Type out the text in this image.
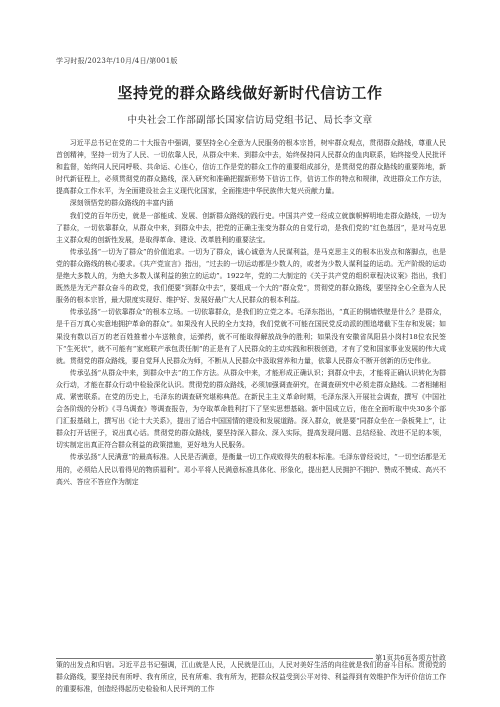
学习时报/2023年/10月/4日/第001版
坚持党的群众路线做好新时代信访工作
中央社会工作部副部长国家信访局党组书记、局长李文章

习近平总书记在党的二十大报告中强调，要坚持全心全意为人民服务的根本宗旨，树牢群众观点，贯彻群众路线，尊重人民首创精神，坚持一切为了人民、一切依靠人民，从群众中来、到群众中去，始终保持同人民群众的血肉联系，始终接受人民批评和监督，始终同人民同呼吸、共命运、心连心，信访工作是党的群众工作的重要组成部分，是贯彻党的群众路线的重要阵地，新时代新征程上，必须贯彻党的群众路线，深入研究和准确把握新形势下信访工作，信访工作的特点和规律，改进群众工作方法，提高群众工作水平，为全面建设社会主义现代化国家，全面推进中华民族伟大复兴贡献力量。

深刻领悟党的群众路线的丰富内涵

我们党的百年历史，就是一部能成、发展、创新群众路线的践行史。中国共产党一经成立就旗帜鲜明地走群众路线，一切为了群众，一切依靠群众，从群众中来，到群众中去，把党的正确主张变为群众的自觉行动，是我们党的“红色基因”，是对马克思主义群众观的创新性发展，是取得革命、建设、改革胜利的重要法宝。

传承弘扬“一切为了群众”的价值追求。一切为了群众，诚心诚意为人民谋利益，是马克思主义的根本出发点和落脚点，也是党的群众路线的核心要求。《共产党宣言》指出，“过去的一切运动都是少数人的，或者为少数人谋利益的运动。无产阶级的运动是绝大多数人的，为绝大多数人谋利益的独立的运动”。1922年，党的二大制定的《关于共产党的组织章程决议案》指出，我们既然是为无产群众奋斗的政党，我们便要“到群众中去”，要组成一个大的“群众党”，贯彻党的群众路线，要坚持全心全意为人民服务的根本宗旨，最大限度实现好、维护好、发展好最广大人民群众的根本利益。

传承弘扬“一切依靠群众”的根本立场。一切依靠群众，是我们的立党之本。毛泽东指出，“真正的铜墙铁壁是什么？是群众，是千百万真心实意地拥护革命的群众”。如果没有人民的全力支持，我们党就不可能在国民党反动派的围追堵截下生存和发展；如果没有数以百万的老百姓推着小车送粮食，运弹药，就不可能取得解放战争的胜利；如果没有安徽省凤阳县小岗村18位农民签下“生死状”，就不可能有“家庭联产承包责任制”的正是有了人民群众的主动实践和积极创造，才有了党和国家事业发展的伟大成就。贯彻党的群众路线，要自觉拜人民群众为师，不断从人民群众中汲取营养和力量，依靠人民群众不断开创新的历史伟业。

传承弘扬“从群众中来，到群众中去”的工作方法。从群众中来，才能形成正确认识；到群众中去，才能将正确认识转化为群众行动，才能在群众行动中检验深化认识。贯彻党的群众路线，必须加强调查研究，在调查研究中必须走群众路线。二者相辅相成、紧密联系。在党的历史上，毛泽东的调查研究堪称典范。在新民主主义革命时期，毛泽东深入开展社会调查，撰写《中国社会各阶级的分析》《寻乌调查》等调查报告，为夺取革命胜利打下了坚实思想基础。新中国成立后，他在全面听取中央30多个部门汇报基础上，撰写出《论十大关系》，提出了适合中国国情的建设和发展道路。深入群众，就是要“同群众坐在一条板凳上”，让群众打开话匣子，说出真心话。贯彻党的群众路线，要坚持深入群众、深入实际，提高发现问题、总结经验、改进不足的本领，切实制定出真正符合群众利益的政策措施，更好地为人民服务。

传承弘扬“人民满意”的最高标准。人民是否满意，是衡量一切工作成败得失的根本标准。毛泽东曾经说过，“一切空话都是无用的，必须给人民以看得见的物质福利”。邓小平将人民满意标准具体化、形象化，提出把人民拥护不拥护、赞成不赞成、高兴不高兴、答应不答应作为制定

第1页共6页各项方针政
策的出发点和归宿。习近平总书记强调，江山就是人民，人民就是江山，人民对美好生活的向往就是我们的奋斗目标。贯彻党的群众路线，要坚持民有所呼、我有所应，民有所难、我有所为，把群众权益受到公平对待、利益得到有效维护作为评价信访工作的重要标准，创造经得起历史检验和人民评判的工作
